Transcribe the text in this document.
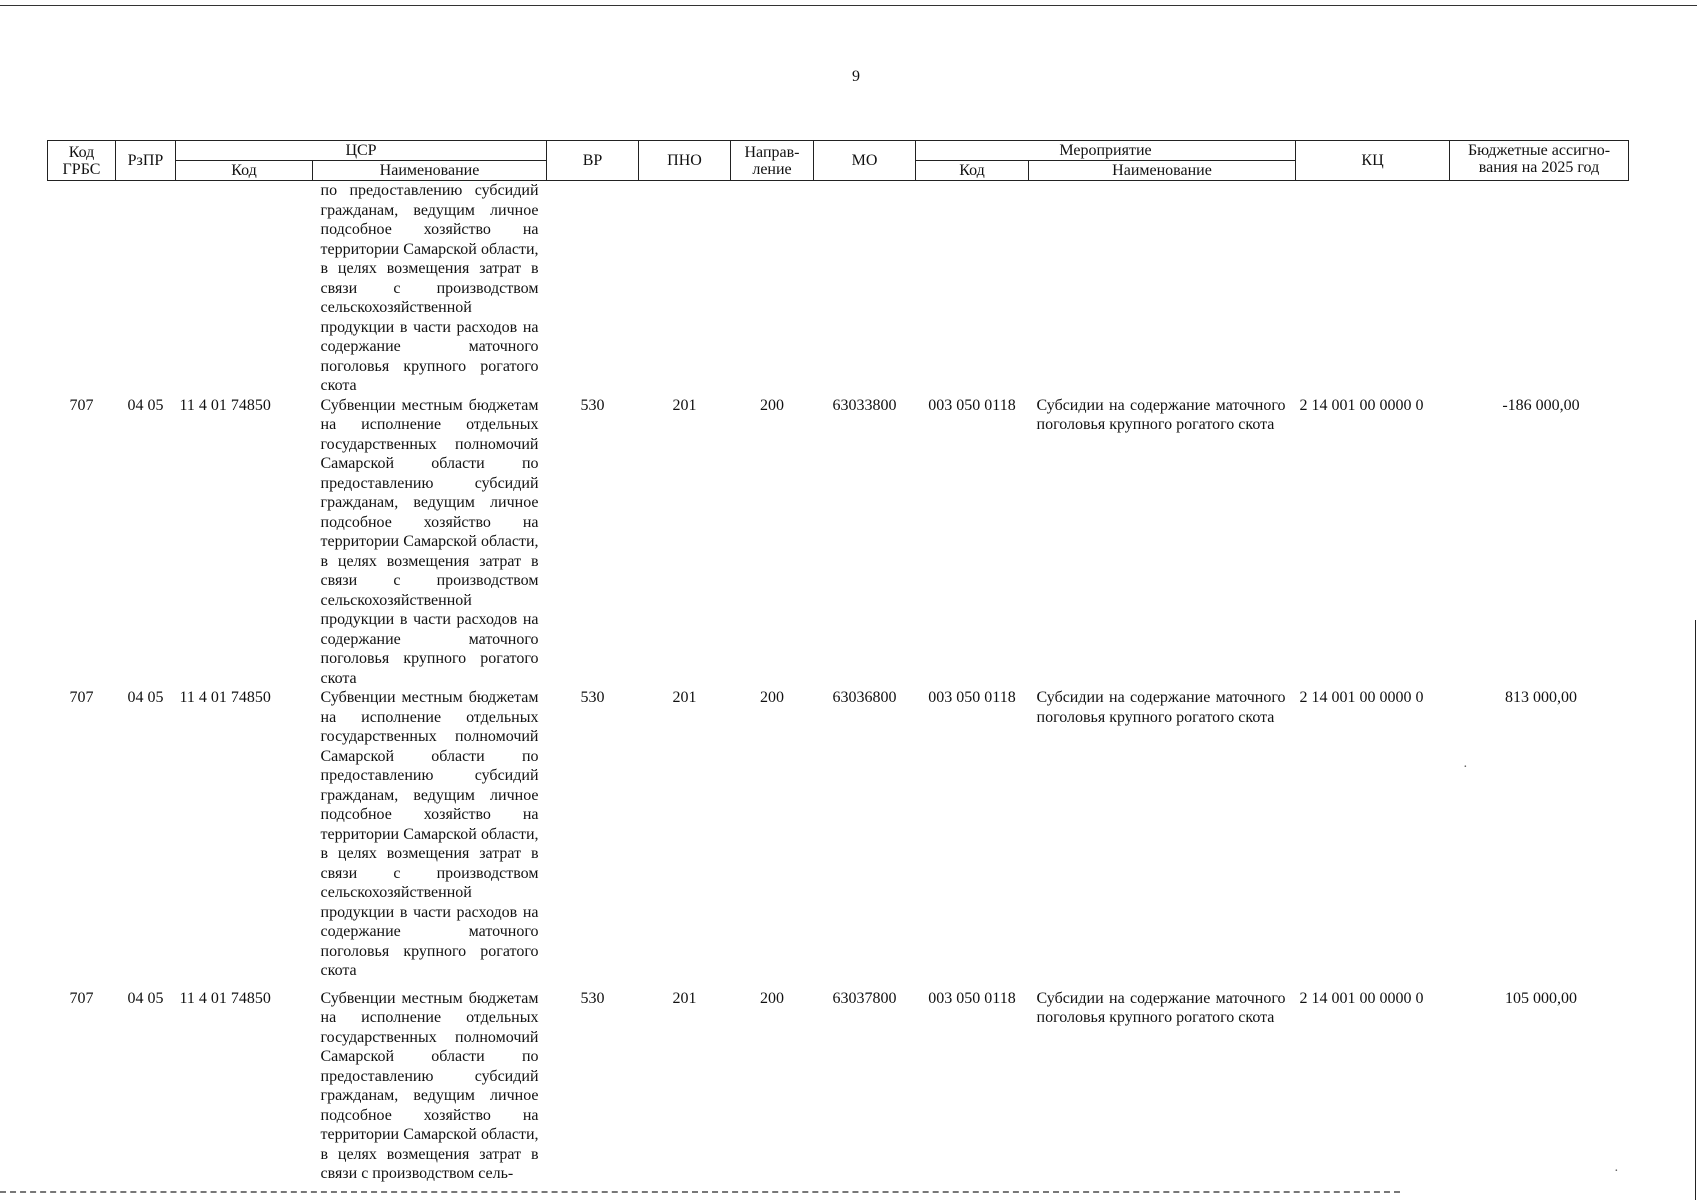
·
·
9
Код ГРБС	РзПР	ЦСР		ВР	ПНО	Направ-ление	МО	Мероприятие		КЦ	Бюджетные ассигно-вания на 2025 год
		Код	Наименование					Код	Наименование		
			по предоставлению субсидий гражданам, ведущим личное подсобное хозяйство на территории Самарской области, в целях возмещения затрат в связи с производством сельскохозяйственной продукции в части расходов на содержание маточного поголовья крупного рогатого скота								
707	04 05	11 4 01 74850	Субвенции местным бюджетам на исполнение отдельных государственных полномочий Самарской области по предоставлению субсидий гражданам, ведущим личное подсобное хозяйство на территории Самарской области, в целях возмещения затрат в связи с производством сельскохозяйственной продукции в части расходов на содержание маточного поголовья крупного рогатого скота	530	201	200	63033800	003 050 0118	Субсидии на содержание маточного поголовья крупного рогатого скота	2 14 001 00 0000 0	-186 000,00
707	04 05	11 4 01 74850	Субвенции местным бюджетам на исполнение отдельных государственных полномочий Самарской области по предоставлению субсидий гражданам, ведущим личное подсобное хозяйство на территории Самарской области, в целях возмещения затрат в связи с производством сельскохозяйственной продукции в части расходов на содержание маточного поголовья крупного рогатого скота	530	201	200	63036800	003 050 0118	Субсидии на содержание маточного поголовья крупного рогатого скота	2 14 001 00 0000 0	813 000,00
707	04 05	11 4 01 74850	Субвенции местным бюджетам на исполнение отдельных государственных полномочий Самарской области по предоставлению субсидий гражданам, ведущим личное подсобное хозяйство на территории Самарской области, в целях возмещения затрат в связи с производством сель-	530	201	200	63037800	003 050 0118	Субсидии на содержание маточного поголовья крупного рогатого скота	2 14 001 00 0000 0	105 000,00
